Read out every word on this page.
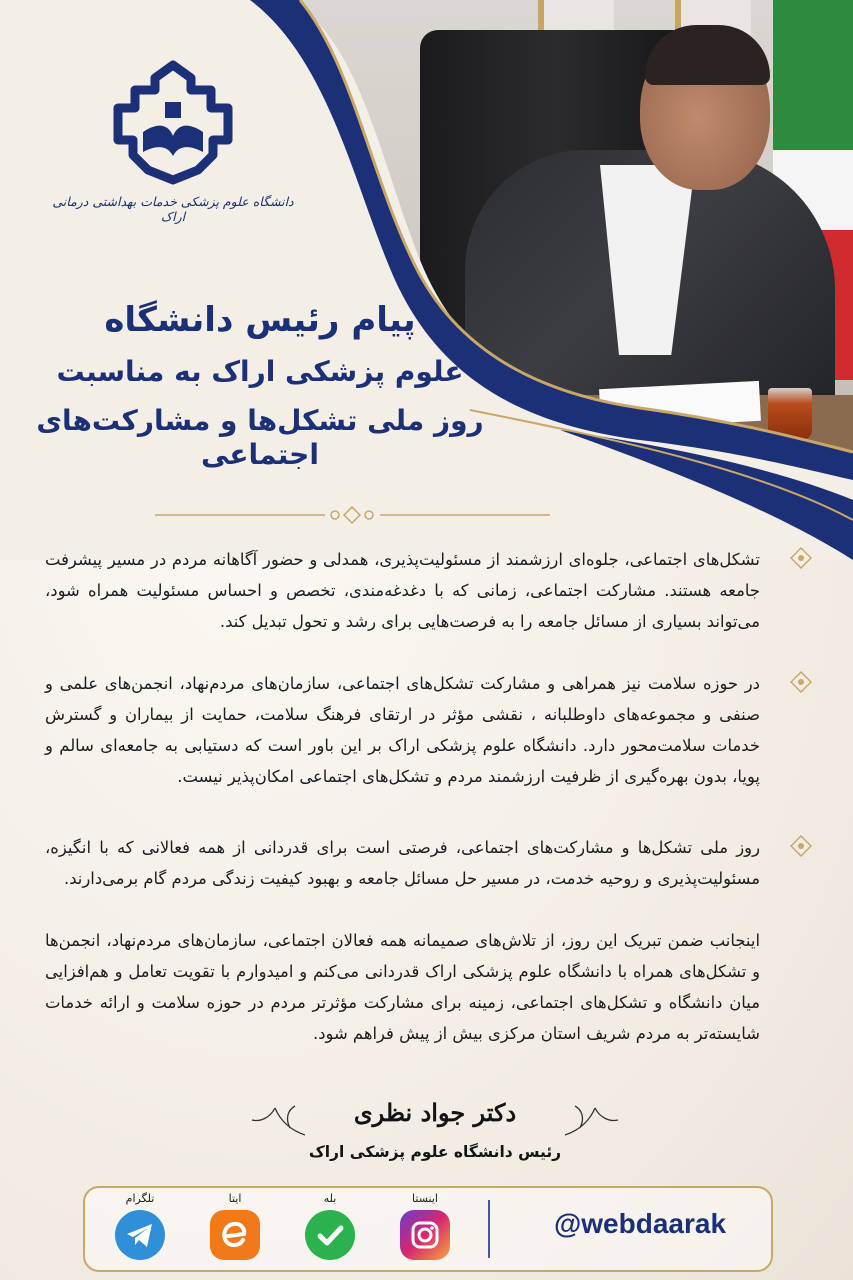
دانشگاه علوم پزشکی خدمات بهداشتی درمانی اراک
پیام رئیس دانشگاه
علوم پزشکی اراک به مناسبت
روز ملی تشکل‌ها و مشارکت‌های اجتماعی
تشکل‌های اجتماعی، جلوه‌ای ارزشمند از مسئولیت‌پذیری، همدلی و حضور آگاهانه مردم در مسیر پیشرفت جامعه هستند. مشارکت اجتماعی، زمانی که با دغدغه‌مندی، تخصص و احساس مسئولیت همراه شود، می‌تواند بسیاری از مسائل جامعه را به فرصت‌هایی برای رشد و تحول تبدیل کند.
در حوزه سلامت نیز همراهی و مشارکت تشکل‌های اجتماعی، سازمان‌های مردم‌نهاد، انجمن‌های علمی و صنفی و مجموعه‌های داوطلبانه ، نقشی مؤثر در ارتقای فرهنگ سلامت، حمایت از بیماران و گسترش خدمات سلامت‌محور دارد. دانشگاه علوم پزشکی اراک بر این باور است که دستیابی به جامعه‌ای سالم و پویا، بدون بهره‌گیری از ظرفیت ارزشمند مردم و تشکل‌های اجتماعی امکان‌پذیر نیست.
روز ملی تشکل‌ها و مشارکت‌های اجتماعی، فرصتی است برای قدردانی از همه فعالانی که با انگیزه، مسئولیت‌پذیری و روحیه خدمت، در مسیر حل مسائل جامعه و بهبود کیفیت زندگی مردم گام برمی‌دارند.
اینجانب ضمن تبریک این روز، از تلاش‌های صمیمانه همه فعالان اجتماعی، سازمان‌های مردم‌نهاد، انجمن‌ها و تشکل‌های همراه با دانشگاه علوم پزشکی اراک قدردانی می‌کنم و امیدوارم با تقویت تعامل و هم‌افزایی میان دانشگاه و تشکل‌های اجتماعی، زمینه برای مشارکت مؤثرتر مردم در حوزه سلامت و ارائه خدمات شایسته‌تر به مردم شریف استان مرکزی بیش از پیش فراهم شود.
دکتر جواد نظری
رئیس دانشگاه علوم پزشکی اراک
@webdaarak
اینستا
بله
ایتا
تلگرام
